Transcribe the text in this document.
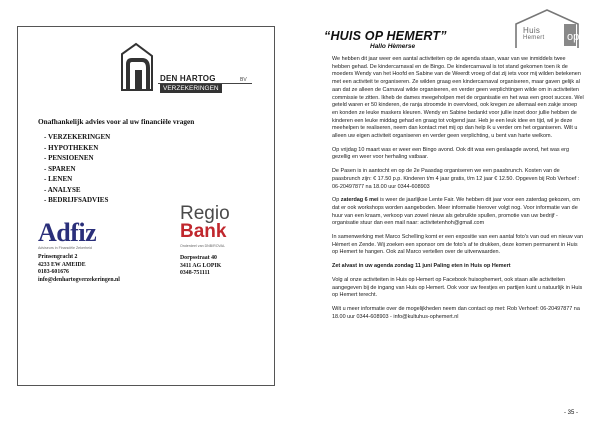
DEN HARTOG	BV
VERZEKERINGEN
Onafhankelijk advies voor al uw financiële vragen
- VERZEKERINGEN
- HYPOTHEKEN
- PENSIOENEN
- SPAREN
- LENEN
- ANALYSE
- BEDRIJFSADVIES
Adfiz
Adviseurs in Financiële Zekerheid
Prinsengracht 2
4233 EW AMEIDE
0183-601676
info@denhartogverzekeringen.nl
Regio
Bank
Onderdeel van DNB/ROVAL
Dorpsstraat 40
3411 AG LOPIK
0348-751111
“HUIS OP HEMERT”
Hallo Hèmerse
op
Huis
Hemert

We hebben dit jaar weer een aantal activiteiten op de agenda staan, waar van we inmiddels twee hebben gehad. De kindercarnaval en de Bingo. De kindercarnaval is tot stand gekomen toen ik de moeders Wendy van het Hoofd en Sabine van de Weerdt vroeg of dat zij iets voor mij wilden betekenen met een activiteit te organiseren. Ze wilden graag een kindercarnaval organiseren, maar gaven gelijk al aan dat ze alleen de Carnaval wilde organiseren, en verder geen verplichtingen wilde om in activiteiten commissie te zitten. Ikheb de dames meegeholpen met de organisatie en het was een groot succes. Wel geteld waren er 50 kinderen, de ranja stroomde in overvloed, ook kregen ze allemaal een zakje snoep en konden ze leuke maskers kleuren. Wendy en Sabine bedankt voor jullie inzet door jullie hebben de kinderen een leuke middag gehad en graag tot volgend jaar. Heb je een leuk idee en tijd, wil je deze meehelpen te realiseren, neem dan kontact met mij op dan help ik u verder om het organiseren. Wilt u alleen uw eigen activiteit organiseren en verder geen verplichting, u bent van harte welkom.

Op vrijdag 10 maart was er weer een Bingo avond. Ook dit was een geslaagde avond, het was erg gezellig en weer voor herhaling vatbaar.

De Pasen is in aantocht en op de 2e Paasdag organiseren we een paasbrunch. Kosten van de paasbrunch zijn: € 17.50 p.p. Kinderen t/m 4 jaar gratis, t/m 12 jaar € 12.50. Opgeven bij Rob Verhoef : 06-20497877 na 18.00 uur 0344-608903

Op zaterdag 6 mei is weer de jaarlijkse Lente Fair. We hebben dit jaar voor een zaterdag gekozen, om dat er ook workshops worden aangeboden. Meer informatie hierover volgt nog. Voor informatie van de huur van een kraam, verkoop van zowel nieuw als gebruikte spullen, promotie van uw bedrijf - organisatie stuur dan een mail naar: activitetenhoh@gmail.com

In samenwerking met Marco Schelling komt er een expositie van een aantal foto's van oud en nieuw van Hèmert en Zende. Wij zoeken een sponsor om de foto's af te drukken, deze komen permanent in Huis op Hemert te hangen. Ook zal Marco vertellen over de uitverwaarden.

Zet alvast in uw agenda zondag 11 juni Paling eten in Huis op Hemert

Volg al onze activiteiten in Huis op Hemert op Facebook huisophemert, ook staan alle activiteiten aangegeven bij de ingang van Huis op Hemert. Ook voor uw feestjes en partijen kunt u natuurlijk in Huis op Hemert terecht.

Wilt u meer informatie over de mogelijkheden neem dan contact op met: Rob Verhoef: 06-20497877 na 18.00 uur 0344-608903 - info@kultuhus-ophemert.nl

- 35 -
